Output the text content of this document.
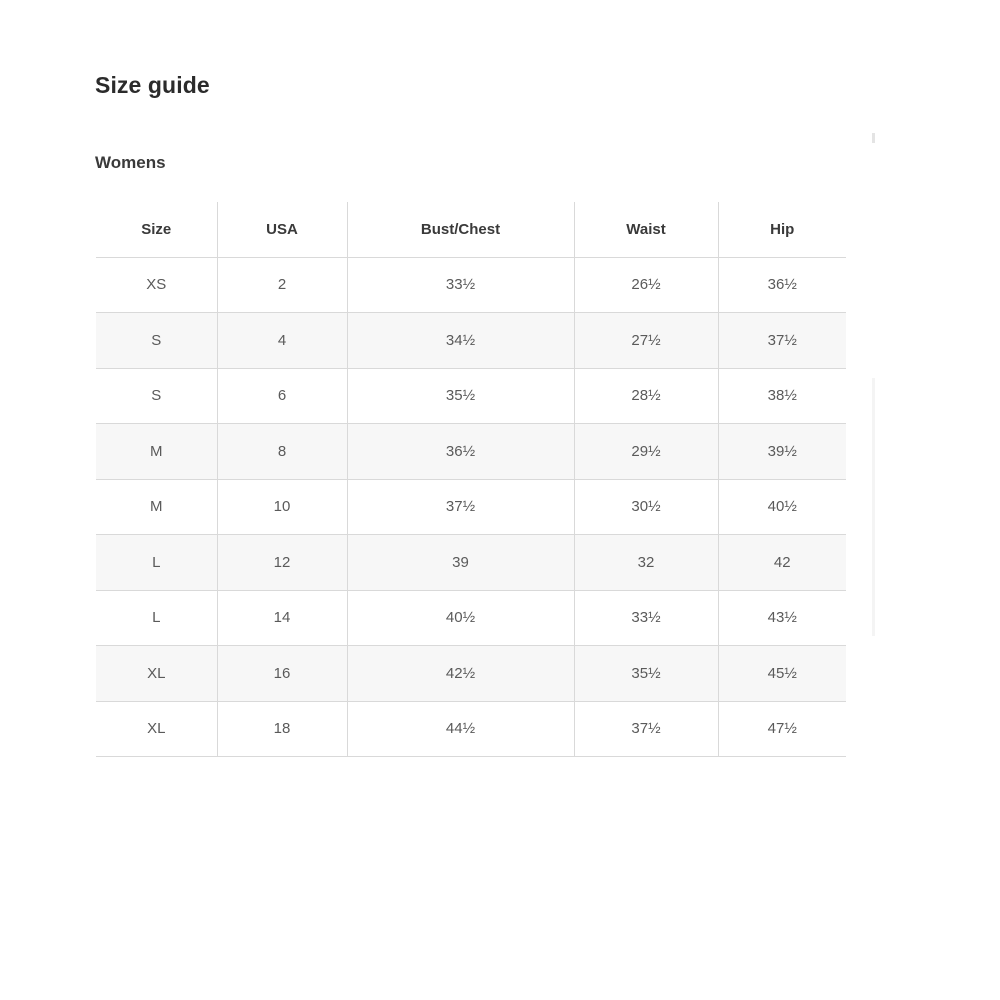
Size guide
Womens
Size	USA	Bust/Chest	Waist	Hip
XS	2	33½	26½	36½
S	4	34½	27½	37½
S	6	35½	28½	38½
M	8	36½	29½	39½
M	10	37½	30½	40½
L	12	39	32	42
L	14	40½	33½	43½
XL	16	42½	35½	45½
XL	18	44½	37½	47½
